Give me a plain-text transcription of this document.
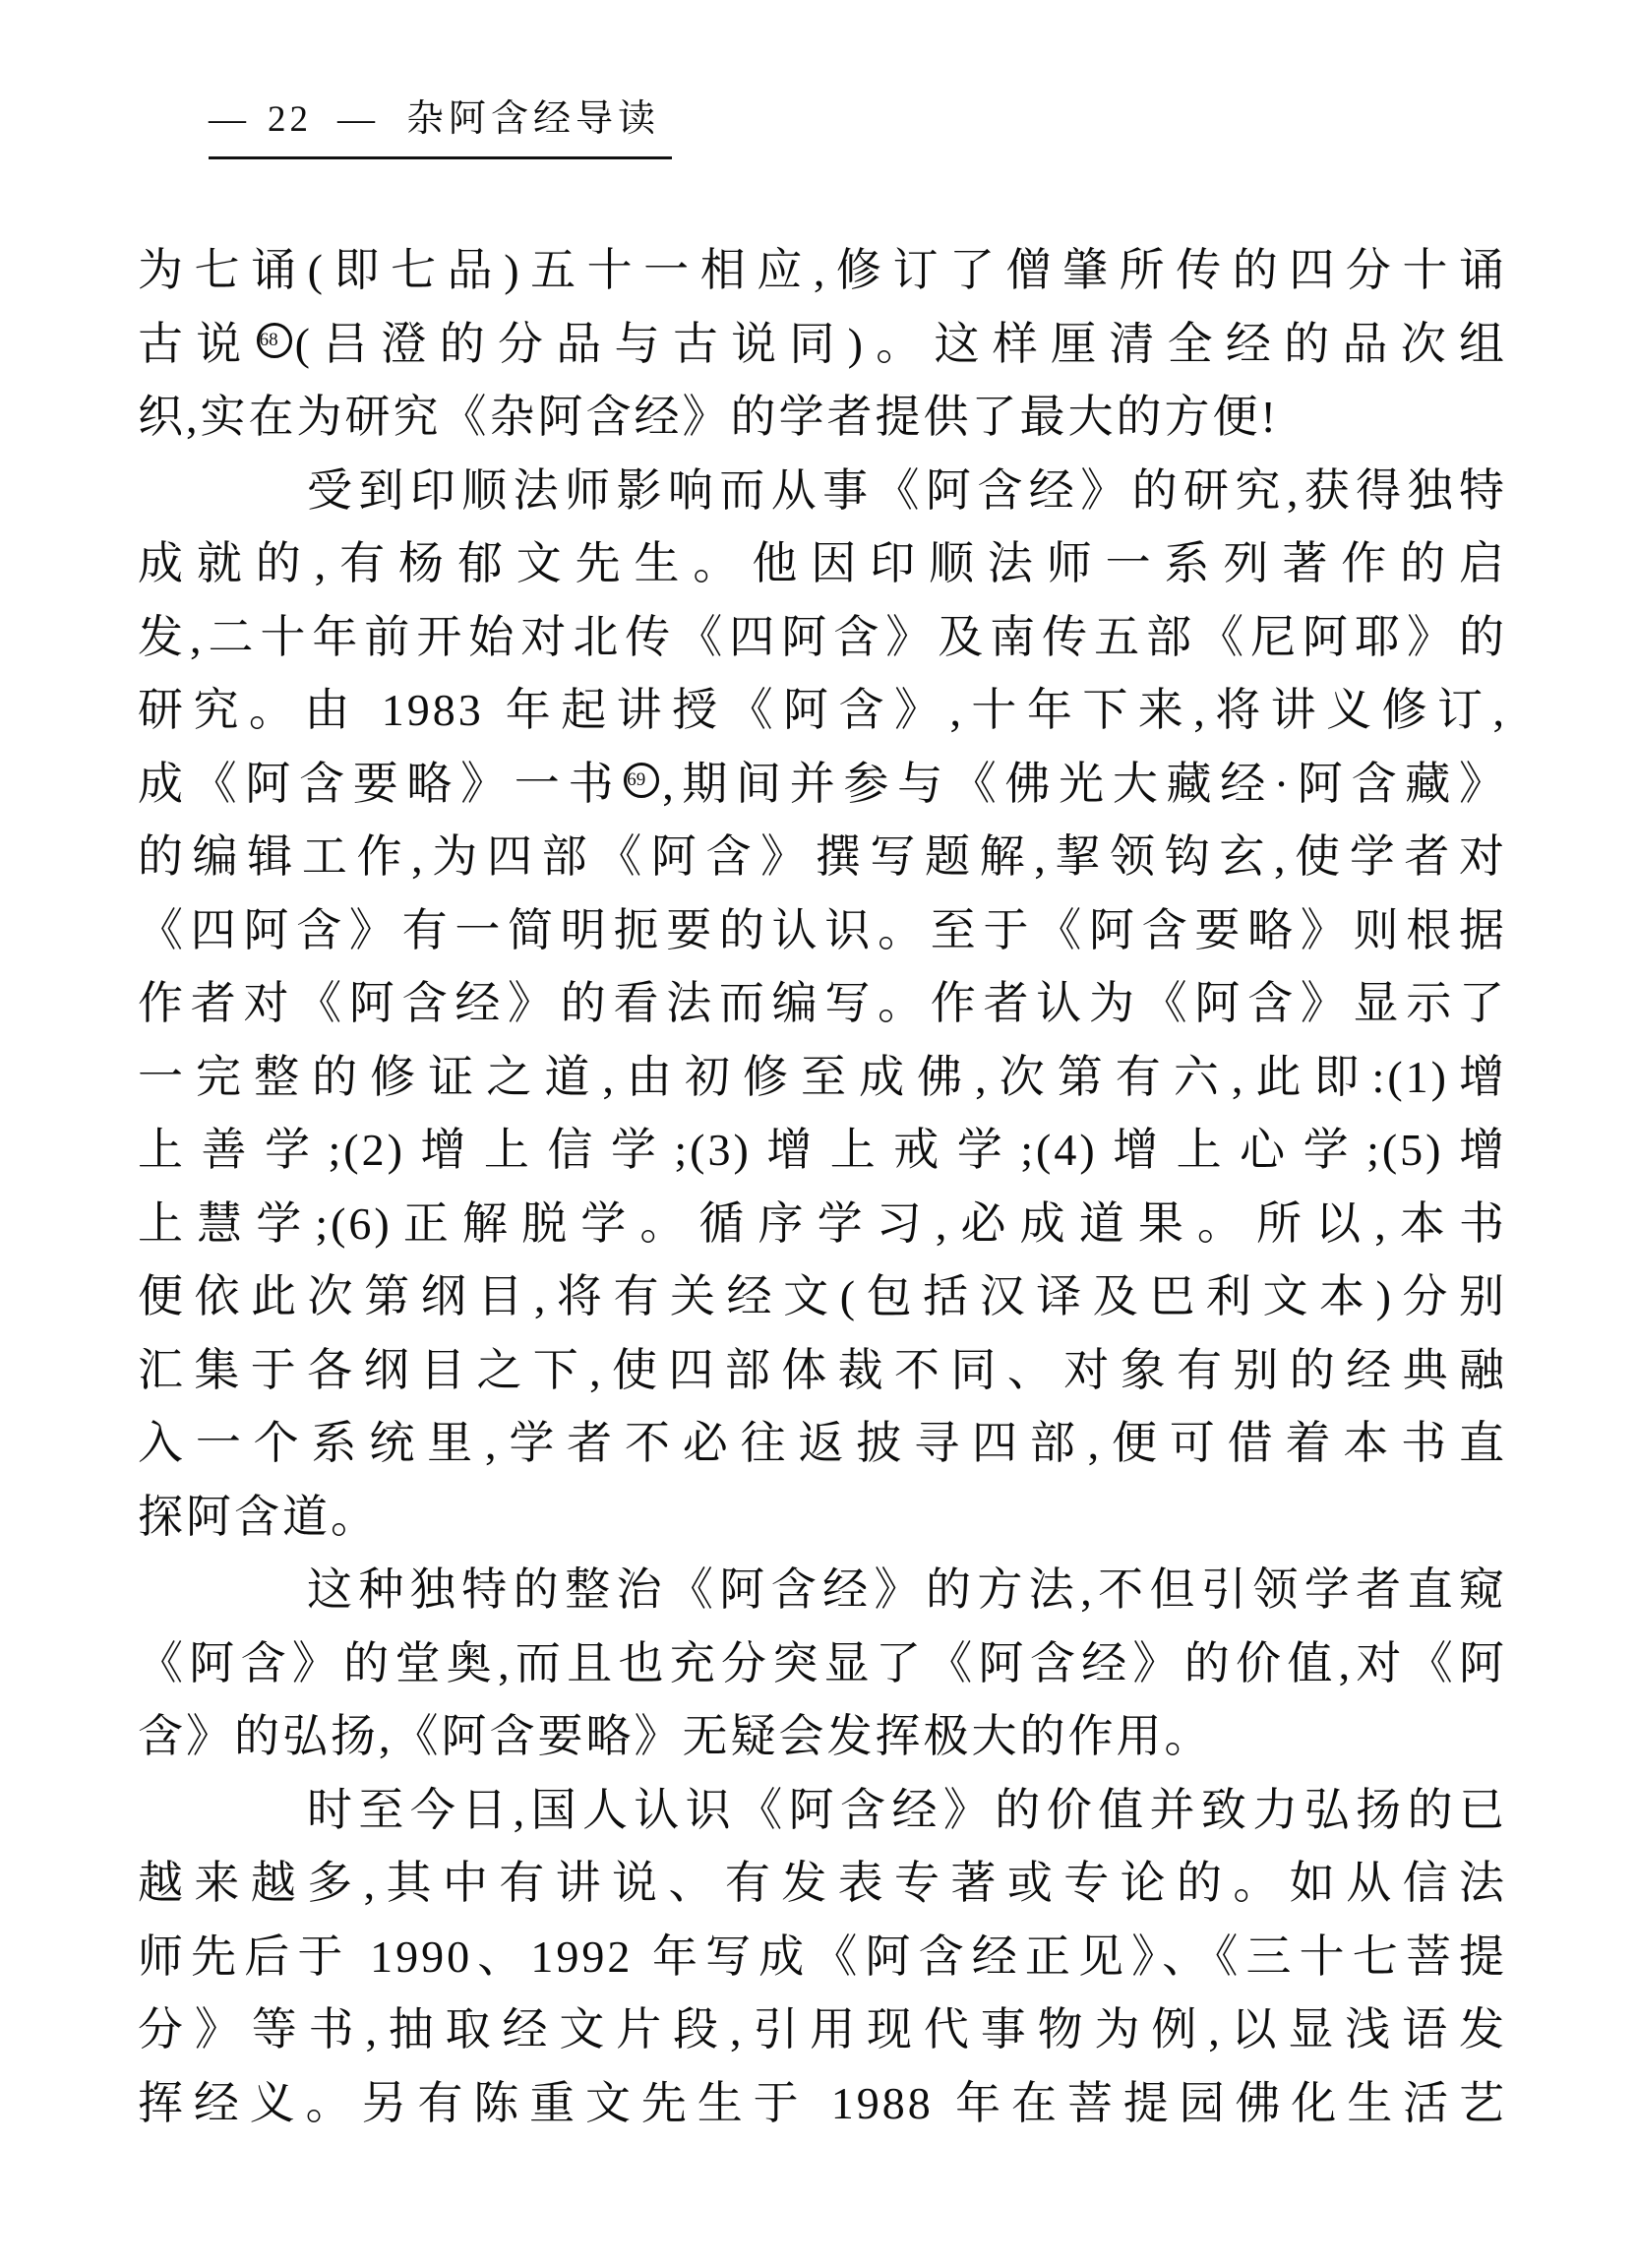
— 22 — 杂阿含经导读
为七诵(即七品)五十一相应,修订了僧肇所传的四分十诵
古说 68 (吕澄的分品与古说同)。这样厘清全经的品次组
织,实在为研究《杂阿含经》的学者提供了最大的方便!
受到印顺法师影响而从事《阿含经》的研究,获得独特
成就的,有杨郁文先生。他因印顺法师一系列著作的启
发,二十年前开始对北传《四阿含》及南传五部《尼阿耶》的
研究。由 1983 年起讲授《阿含》,十年下来,将讲义修订,
成《阿含要略》一书 69 ,期间并参与《佛光大藏经·阿含藏》
的编辑工作,为四部《阿含》撰写题解,挈领钩玄,使学者对
《四阿含》有一简明扼要的认识。至于《阿含要略》则根据
作者对《阿含经》的看法而编写。作者认为《阿含》显示了
一完整的修证之道,由初修至成佛,次第有六,此即:(1)增
上善学;(2)增上信学;(3)增上戒学;(4)增上心学;(5)增
上慧学;(6)正解脱学。循序学习,必成道果。所以,本书
便依此次第纲目,将有关经文(包括汉译及巴利文本)分别
汇集于各纲目之下,使四部体裁不同、对象有别的经典融
入一个系统里,学者不必往返披寻四部,便可借着本书直
探阿含道。
这种独特的整治《阿含经》的方法,不但引领学者直窥
《阿含》的堂奥,而且也充分突显了《阿含经》的价值,对《阿
含》的弘扬,《阿含要略》无疑会发挥极大的作用。
时至今日,国人认识《阿含经》的价值并致力弘扬的已
越来越多,其中有讲说、有发表专著或专论的。如从信法
师先后于 1990、1992 年写成《阿含经正见》、《三十七菩提
分》等书,抽取经文片段,引用现代事物为例,以显浅语发
挥经义。另有陈重文先生于 1988 年在菩提园佛化生活艺
